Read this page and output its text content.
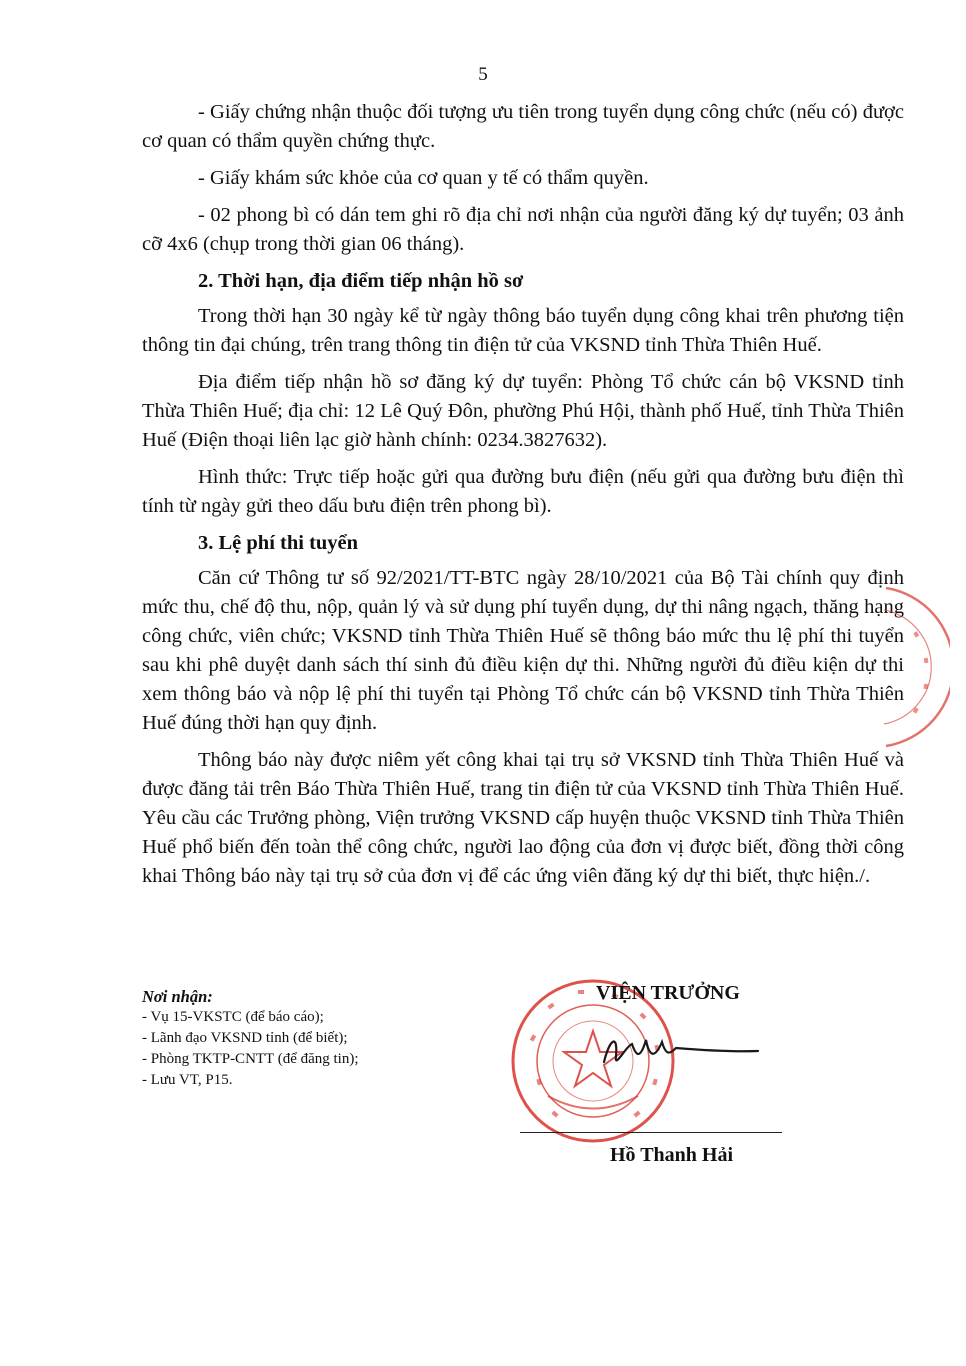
5

- Giấy chứng nhận thuộc đối tượng ưu tiên trong tuyển dụng công chức (nếu có) được cơ quan có thẩm quyền chứng thực.

- Giấy khám sức khỏe của cơ quan y tế có thẩm quyền.

- 02 phong bì có dán tem ghi rõ địa chỉ nơi nhận của người đăng ký dự tuyển; 03 ảnh cỡ 4x6 (chụp trong thời gian 06 tháng).

2. Thời hạn, địa điểm tiếp nhận hồ sơ

Trong thời hạn 30 ngày kể từ ngày thông báo tuyển dụng công khai trên phương tiện thông tin đại chúng, trên trang thông tin điện tử của VKSND tỉnh Thừa Thiên Huế.

Địa điểm tiếp nhận hồ sơ đăng ký dự tuyển: Phòng Tổ chức cán bộ VKSND tỉnh Thừa Thiên Huế; địa chỉ: 12 Lê Quý Đôn, phường Phú Hội, thành phố Huế, tỉnh Thừa Thiên Huế (Điện thoại liên lạc giờ hành chính: 0234.3827632).

Hình thức: Trực tiếp hoặc gửi qua đường bưu điện (nếu gửi qua đường bưu điện thì tính từ ngày gửi theo dấu bưu điện trên phong bì).

3. Lệ phí thi tuyển

Căn cứ Thông tư số 92/2021/TT-BTC ngày 28/10/2021 của Bộ Tài chính quy định mức thu, chế độ thu, nộp, quản lý và sử dụng phí tuyển dụng, dự thi nâng ngạch, thăng hạng công chức, viên chức; VKSND tỉnh Thừa Thiên Huế sẽ thông báo mức thu lệ phí thi tuyển sau khi phê duyệt danh sách thí sinh đủ điều kiện dự thi. Những người đủ điều kiện dự thi xem thông báo và nộp lệ phí thi tuyển tại Phòng Tổ chức cán bộ VKSND tỉnh Thừa Thiên Huế đúng thời hạn quy định.

Thông báo này được niêm yết công khai tại trụ sở VKSND tỉnh Thừa Thiên Huế và được đăng tải trên Báo Thừa Thiên Huế, trang tin điện tử của VKSND tỉnh Thừa Thiên Huế. Yêu cầu các Trưởng phòng, Viện trưởng VKSND cấp huyện thuộc VKSND tỉnh Thừa Thiên Huế phổ biến đến toàn thể công chức, người lao động của đơn vị được biết, đồng thời công khai Thông báo này tại trụ sở của đơn vị để các ứng viên đăng ký dự thi biết, thực hiện./.

Nơi nhận:
- Vụ 15-VKSTC (để báo cáo);
- Lãnh đạo VKSND tỉnh (để biết);
- Phòng TKTP-CNTT (để đăng tin);
- Lưu VT, P15.
VIỆN TRƯỞNG
Hồ Thanh Hải
